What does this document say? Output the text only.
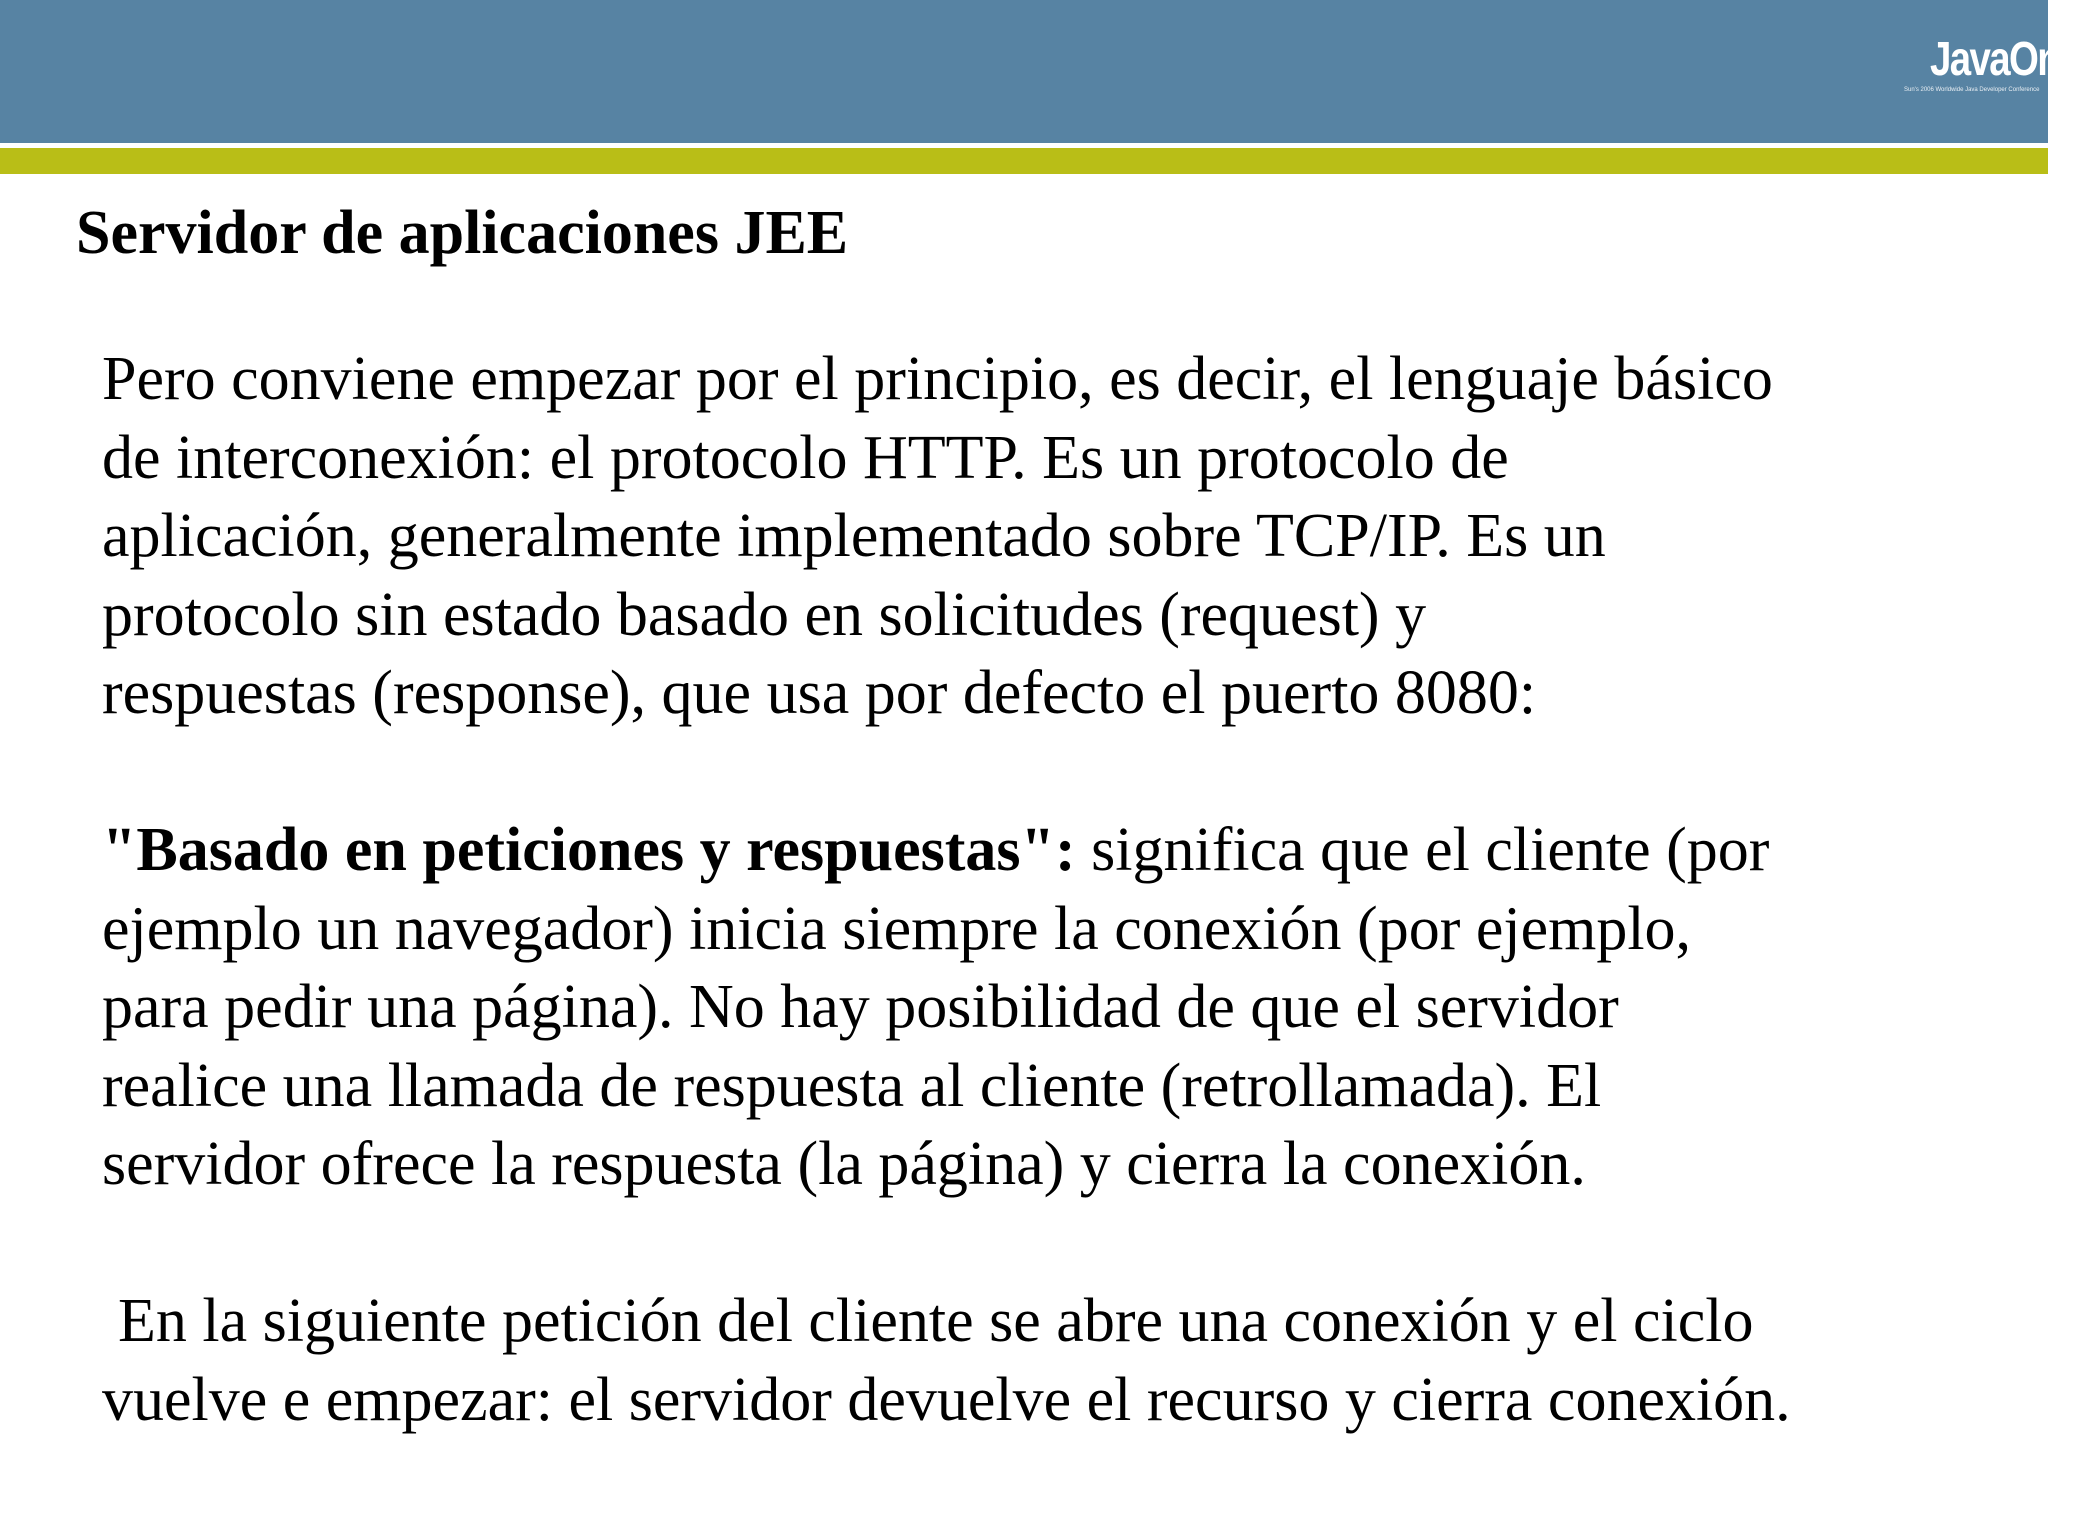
JavaOne
Sun's 2006 Worldwide Java Developer Conference
Servidor de aplicaciones JEE
Pero conviene empezar por el principio, es decir, el lenguaje básico
de interconexión: el protocolo HTTP. Es un protocolo de
aplicación, generalmente implementado sobre TCP/IP. Es un
protocolo sin estado basado en solicitudes (request) y
respuestas (response), que usa por defecto el puerto 8080:
"Basado en peticiones y respuestas": significa que el cliente (por
ejemplo un navegador) inicia siempre la conexión (por ejemplo,
para pedir una página). No hay posibilidad de que el servidor
realice una llamada de respuesta al cliente (retrollamada). El
servidor ofrece la respuesta (la página) y cierra la conexión.
En la siguiente petición del cliente se abre una conexión y el ciclo
vuelve e empezar: el servidor devuelve el recurso y cierra conexión.
